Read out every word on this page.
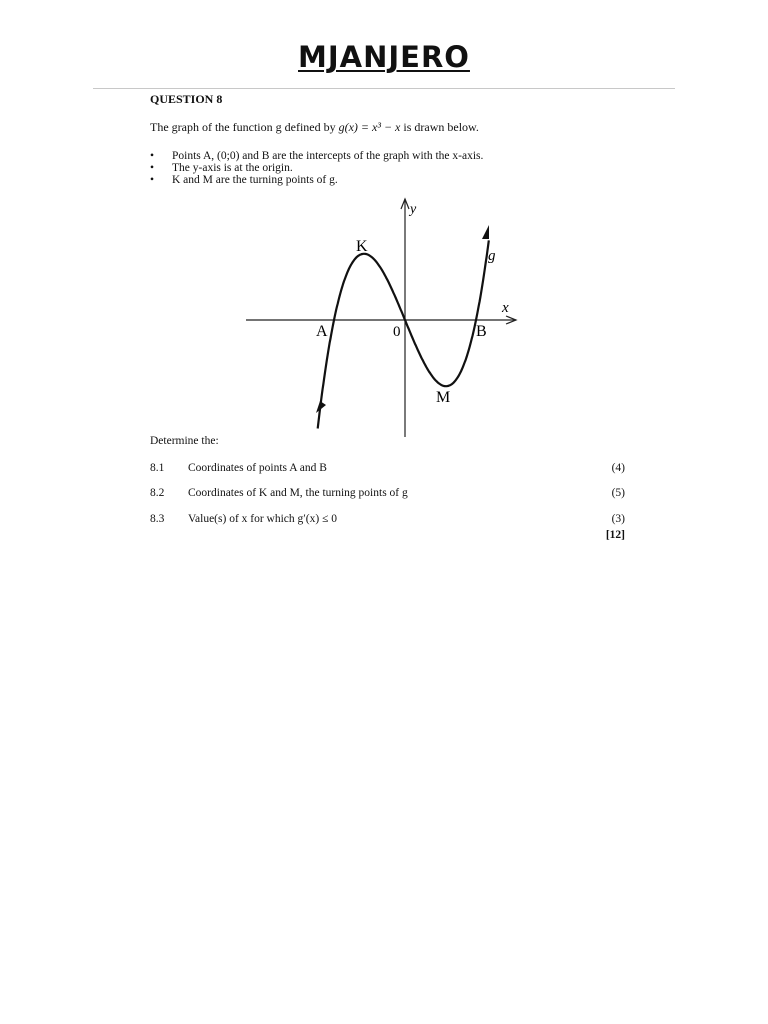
MJANJERO
QUESTION 8
The graph of the function g defined by g(x) = x³ − x is drawn below.
• Points A, (0;0) and B are the intercepts of the graph with the x-axis.
• The y-axis is at the origin.
• K and M are the turning points of g.
y
x
g
K
M
A	B
0
Determine the:
8.1 Coordinates of points A and B	(4)
8.2 Coordinates of K and M, the turning points of g	(5)
8.3 Value(s) of x for which g′(x) ≤ 0	(3)
[12]
